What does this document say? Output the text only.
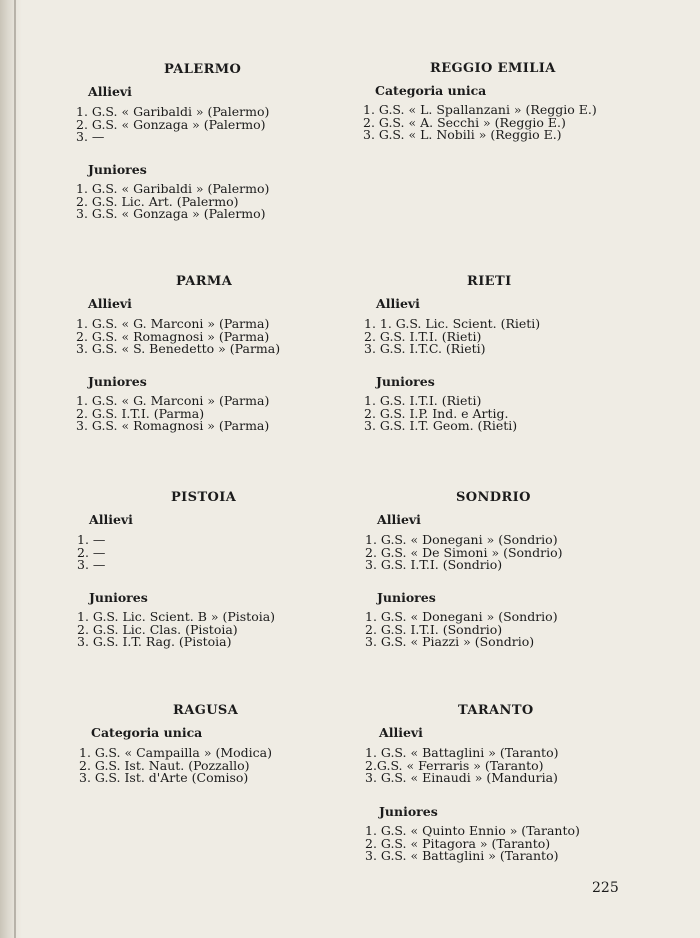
PALERMO
Allievi
1. G.S. « Garibaldi » (Palermo)
2. G.S. « Gonzaga » (Palermo)
3. —
Juniores
1. G.S. « Garibaldi » (Palermo)
2. G.S. Lic. Art. (Palermo)
3. G.S. « Gonzaga » (Palermo)
REGGIO EMILIA
Categoria unica
1. G.S. « L. Spallanzani » (Reggio E.)
2. G.S. « A. Secchi » (Reggio E.)
3. G.S. « L. Nobili » (Reggio E.)
PARMA
Allievi
1. G.S. « G. Marconi » (Parma)
2. G.S. « Romagnosi » (Parma)
3. G.S. « S. Benedetto » (Parma)
Juniores
1. G.S. « G. Marconi » (Parma)
2. G.S. I.T.I. (Parma)
3. G.S. « Romagnosi » (Parma)
RIETI
Allievi
1. 1. G.S. Lic. Scient. (Rieti)
2. G.S. I.T.I. (Rieti)
3. G.S. I.T.C. (Rieti)
Juniores
1. G.S. I.T.I. (Rieti)
2. G.S. I.P. Ind. e Artig.
3. G.S. I.T. Geom. (Rieti)
PISTOIA
Allievi
1. —
2. —
3. —
Juniores
1. G.S. Lic. Scient. B » (Pistoia)
2. G.S. Lic. Clas. (Pistoia)
3. G.S. I.T. Rag. (Pistoia)
SONDRIO
Allievi
1. G.S. « Donegani » (Sondrio)
2. G.S. « De Simoni » (Sondrio)
3. G.S. I.T.I. (Sondrio)
Juniores
1. G.S. « Donegani » (Sondrio)
2. G.S. I.T.I. (Sondrio)
3. G.S. « Piazzi » (Sondrio)
RAGUSA
Categoria unica
1. G.S. « Campailla » (Modica)
2. G.S. Ist. Naut. (Pozzallo)
3. G.S. Ist. d'Arte (Comiso)
TARANTO
Allievi
1. G.S. « Battaglini » (Taranto)
2.G.S. « Ferraris » (Taranto)
3. G.S. « Einaudi » (Manduria)
Juniores
1. G.S. « Quinto Ennio » (Taranto)
2. G.S. « Pitagora » (Taranto)
3. G.S. « Battaglini » (Taranto)
225
